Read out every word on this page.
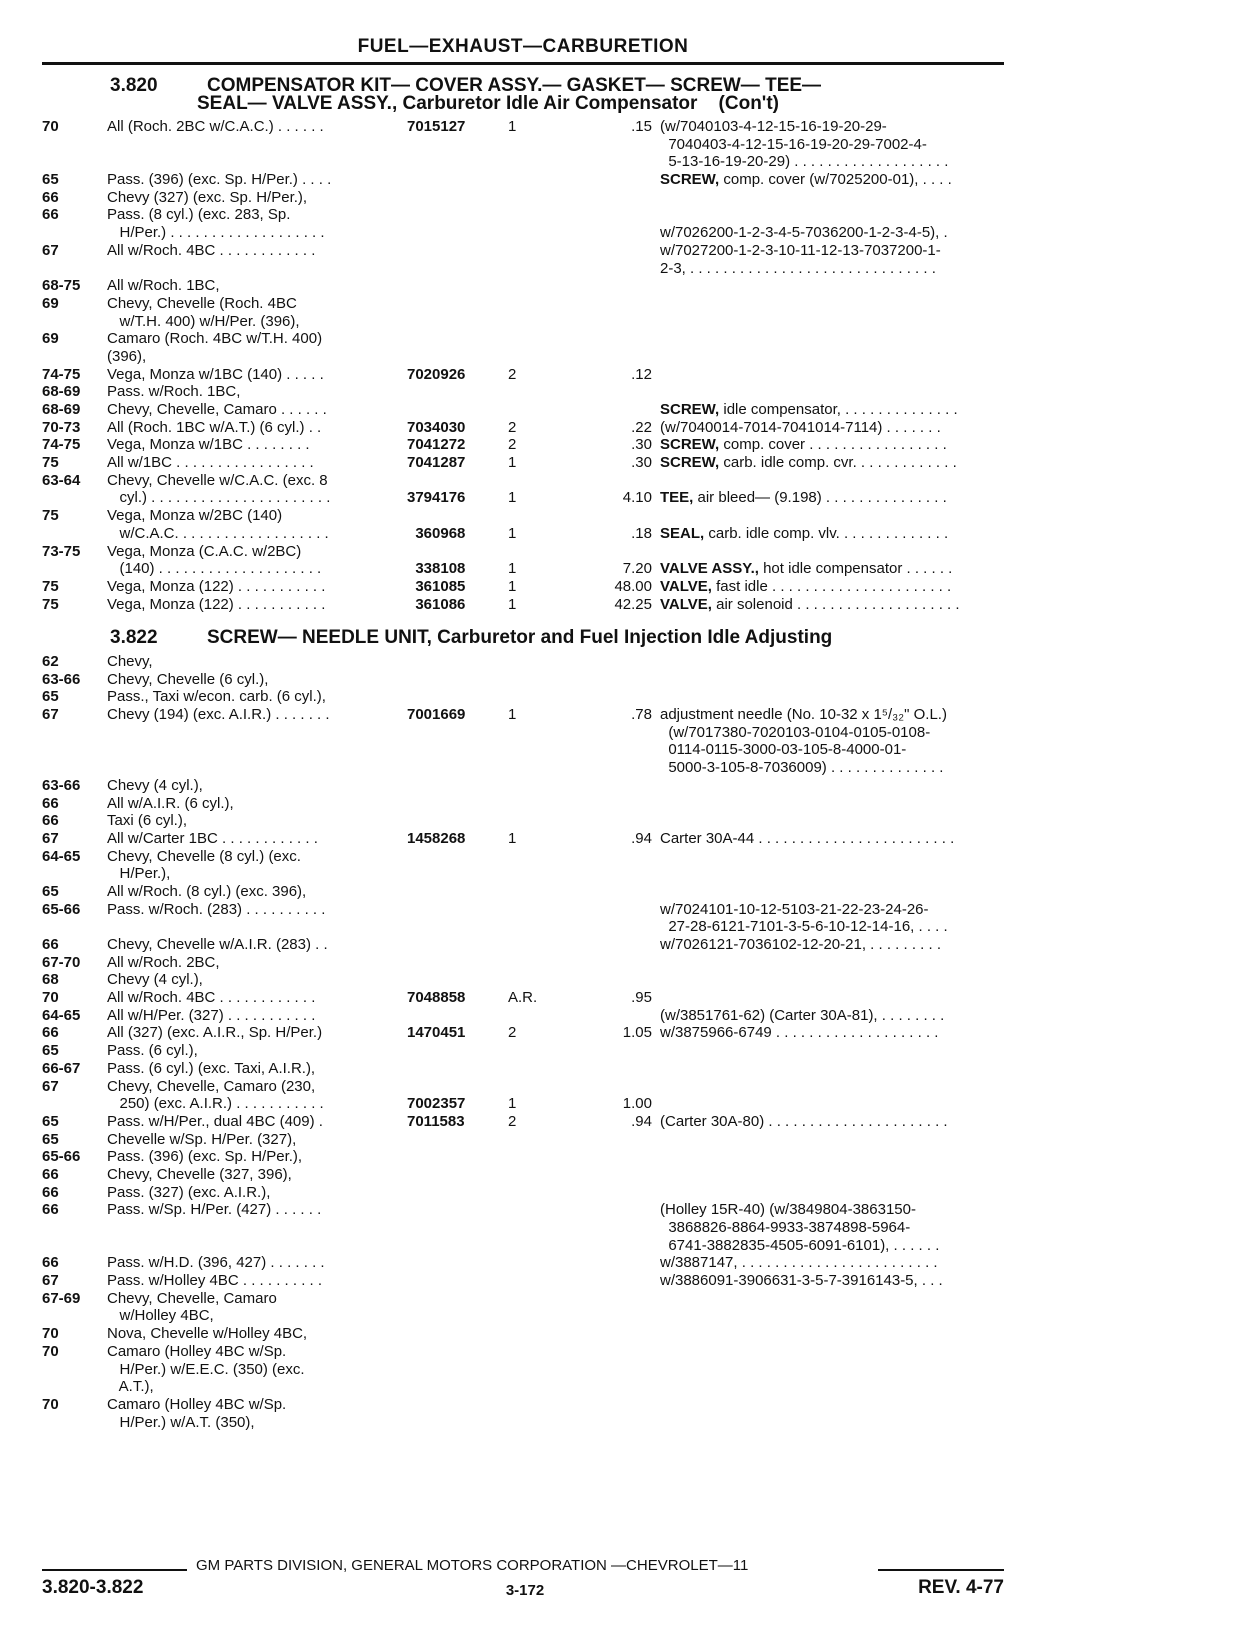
FUEL—EXHAUST—CARBURETION
3.820	COMPENSATOR KIT— COVER ASSY.— GASKET— SCREW— TEE—
SEAL— VALVE ASSY., Carburetor Idle Air Compensator    (Con't)
70	All (Roch. 2BC w/C.A.C.) . . . . . .	7015127	1	.15 (w/7040103-4-12-15-16-19-20-29-
7040403-4-12-15-16-19-20-29-7002-4-
5-13-16-19-20-29) . . . . . . . . . . . . . . . . . . .
65	Pass. (396) (exc. Sp. H/Per.) . . . .	SCREW, comp. cover (w/7025200-01), . . . .
66	Chevy (327) (exc. Sp. H/Per.),
66	Pass. (8 cyl.) (exc. 283, Sp.
H/Per.) . . . . . . . . . . . . . . . . . . .	w/7026200-1-2-3-4-5-7036200-1-2-3-4-5), .
67	All w/Roch. 4BC . . . . . . . . . . . .	w/7027200-1-2-3-10-11-12-13-7037200-1-
2-3, . . . . . . . . . . . . . . . . . . . . . . . . . . . . . .
68-75 All w/Roch. 1BC,
69	Chevy, Chevelle (Roch. 4BC
w/T.H. 400) w/H/Per. (396),
69	Camaro (Roch. 4BC w/T.H. 400)
(396),
74-75 Vega, Monza w/1BC (140) . . . . .	7020926	2	.12
68-69 Pass. w/Roch. 1BC,
68-69 Chevy, Chevelle, Camaro . . . . . .	SCREW, idle compensator, . . . . . . . . . . . . . .
70-73 All (Roch. 1BC w/A.T.) (6 cyl.) . .	7034030	2	.22 (w/7040014-7014-7041014-7114) . . . . . . .
74-75 Vega, Monza w/1BC . . . . . . . .	7041272	2	.30 SCREW, comp. cover . . . . . . . . . . . . . . . . .
75	All w/1BC . . . . . . . . . . . . . . . . .	7041287	1	.30 SCREW, carb. idle comp. cvr. . . . . . . . . . . . .
63-64 Chevy, Chevelle w/C.A.C. (exc. 8
cyl.) . . . . . . . . . . . . . . . . . . . . . .	3794176	1	4.10 TEE, air bleed— (9.198) . . . . . . . . . . . . . . .
75	Vega, Monza w/2BC (140)
w/C.A.C. . . . . . . . . . . . . . . . . . .	360968	1	.18 SEAL, carb. idle comp. vlv. . . . . . . . . . . . . .
73-75 Vega, Monza (C.A.C. w/2BC)
(140) . . . . . . . . . . . . . . . . . . . .	338108	1	7.20 VALVE ASSY., hot idle compensator . . . . . .
75	Vega, Monza (122) . . . . . . . . . . .	361085	1	48.00 VALVE, fast idle . . . . . . . . . . . . . . . . . . . . . .
75	Vega, Monza (122) . . . . . . . . . . .	361086	1	42.25 VALVE, air solenoid . . . . . . . . . . . . . . . . . . . .
3.822	SCREW— NEEDLE UNIT, Carburetor and Fuel Injection Idle Adjusting
62	Chevy,
63-66 Chevy, Chevelle (6 cyl.),
65	Pass., Taxi w/econ. carb. (6 cyl.),
67	Chevy (194) (exc. A.I.R.) . . . . . . .	7001669	1	.78 adjustment needle (No. 10-32 x 1⁵/₃₂" O.L.)
(w/7017380-7020103-0104-0105-0108-
0114-0115-3000-03-105-8-4000-01-
5000-3-105-8-7036009) . . . . . . . . . . . . . .
63-66 Chevy (4 cyl.),
66	All w/A.I.R. (6 cyl.),
66	Taxi (6 cyl.),
67	All w/Carter 1BC . . . . . . . . . . . .	1458268	1	.94 Carter 30A-44 . . . . . . . . . . . . . . . . . . . . . . . .
64-65 Chevy, Chevelle (8 cyl.) (exc.
H/Per.),
65	All w/Roch. (8 cyl.) (exc. 396),
65-66 Pass. w/Roch. (283) . . . . . . . . . .	w/7024101-10-12-5103-21-22-23-24-26-
27-28-6121-7101-3-5-6-10-12-14-16, . . . .
66	Chevy, Chevelle w/A.I.R. (283) . .	w/7026121-7036102-12-20-21, . . . . . . . . .
67-70 All w/Roch. 2BC,
68	Chevy (4 cyl.),
70	All w/Roch. 4BC . . . . . . . . . . . .	7048858	A.R.	.95
64-65 All w/H/Per. (327) . . . . . . . . . . .	(w/3851761-62) (Carter 30A-81), . . . . . . . .
66	All (327) (exc. A.I.R., Sp. H/Per.)	1470451	2	1.05 w/3875966-6749 . . . . . . . . . . . . . . . . . . . .
65	Pass. (6 cyl.),
66-67 Pass. (6 cyl.) (exc. Taxi, A.I.R.),
67	Chevy, Chevelle, Camaro (230,
250) (exc. A.I.R.) . . . . . . . . . . .	7002357	1	1.00
65	Pass. w/H/Per., dual 4BC (409) .	7011583	2	.94 (Carter 30A-80) . . . . . . . . . . . . . . . . . . . . . .
65	Chevelle w/Sp. H/Per. (327),
65-66 Pass. (396) (exc. Sp. H/Per.),
66	Chevy, Chevelle (327, 396),
66	Pass. (327) (exc. A.I.R.),
66	Pass. w/Sp. H/Per. (427) . . . . . .	(Holley 15R-40) (w/3849804-3863150-
3868826-8864-9933-3874898-5964-
6741-3882835-4505-6091-6101), . . . . . .
66	Pass. w/H.D. (396, 427) . . . . . . .	w/3887147, . . . . . . . . . . . . . . . . . . . . . . . .
67	Pass. w/Holley 4BC . . . . . . . . . .	w/3886091-3906631-3-5-7-3916143-5, . . .
67-69 Chevy, Chevelle, Camaro
w/Holley 4BC,
70	Nova, Chevelle w/Holley 4BC,
70	Camaro (Holley 4BC w/Sp.
H/Per.) w/E.E.C. (350) (exc.
A.T.),
70	Camaro (Holley 4BC w/Sp.
H/Per.) w/A.T. (350),
GM PARTS DIVISION, GENERAL MOTORS CORPORATION —CHEVROLET—11
3.820-3.822	3-172	REV. 4-77
